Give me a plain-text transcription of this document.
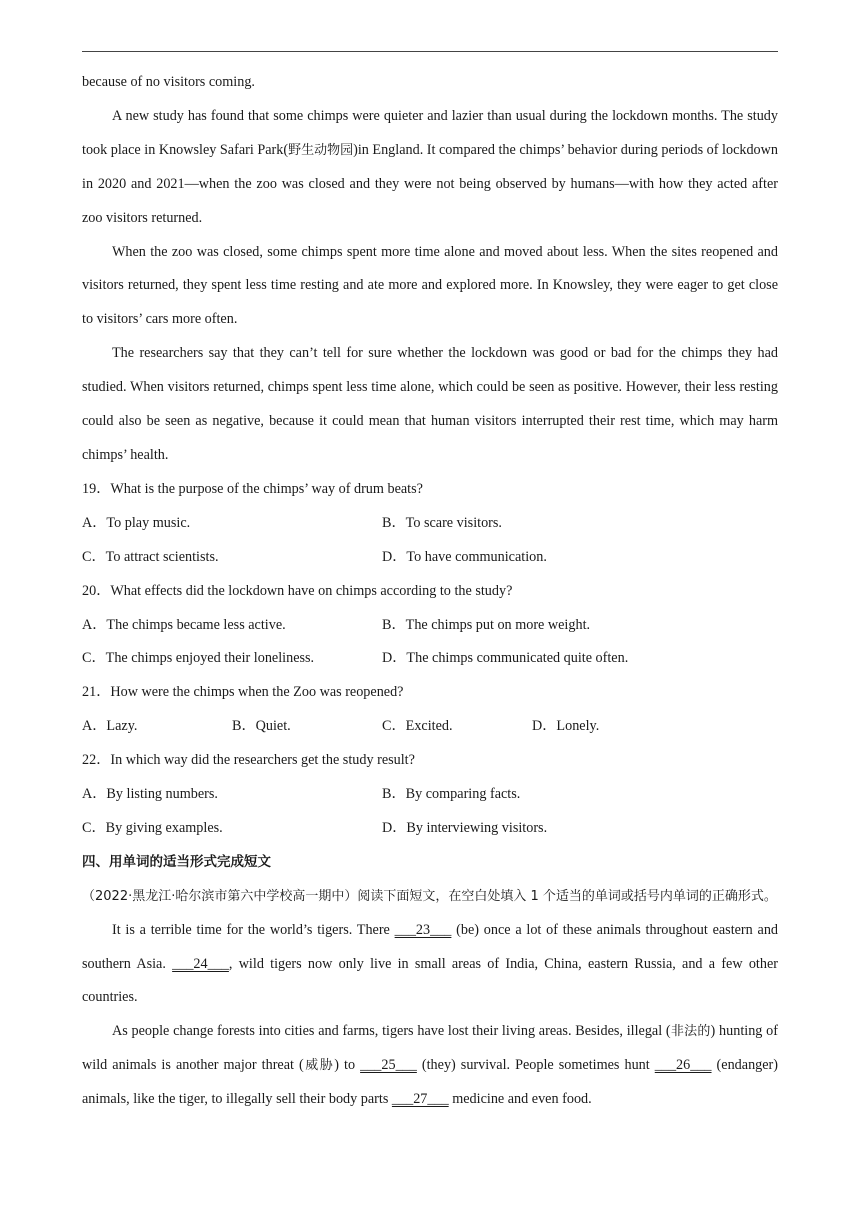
because of no visitors coming.

A new study has found that some chimps were quieter and lazier than usual during the lockdown months. The study took place in Knowsley Safari Park(野生动物园)in England. It compared the chimps’ behavior during periods of lockdown in 2020 and 2021—when the zoo was closed and they were not being observed by humans—with how they acted after zoo visitors returned.

When the zoo was closed, some chimps spent more time alone and moved about less. When the sites reopened and visitors returned, they spent less time resting and ate more and explored more. In Knowsley, they were eager to get close to visitors’ cars more often.

The researchers say that they can’t tell for sure whether the lockdown was good or bad for the chimps they had studied. When visitors returned, chimps spent less time alone, which could be seen as positive. However, their less resting could also be seen as negative, because it could mean that human visitors interrupted their rest time, which may harm chimps’ health.

19．What is the purpose of the chimps’ way of drum beats?

A．To play music.	B．To scare visitors.
C．To attract scientists.	D．To have communication.

20．What effects did the lockdown have on chimps according to the study?

A．The chimps became less active.	B．The chimps put on more weight.
C．The chimps enjoyed their loneliness.	D．The chimps communicated quite often.

21．How were the chimps when the Zoo was reopened?

A．Lazy.	B．Quiet.	C．Excited.	D．Lonely.

22．In which way did the researchers get the study result?

A．By listing numbers.	B．By comparing facts.
C．By giving examples.	D．By interviewing visitors.

四、用单词的适当形式完成短文

（2022·黑龙江·哈尔滨市第六中学校高一期中）阅读下面短文，在空白处填入 1 个适当的单词或括号内单词的正确形式。

It is a terrible time for the world’s tigers. There ___23___ (be) once a lot of these animals throughout eastern and southern Asia. ___24___, wild tigers now only live in small areas of India, China, eastern Russia, and a few other countries.

As people change forests into cities and farms, tigers have lost their living areas. Besides, illegal (非法的) hunting of wild animals is another major threat (威胁) to ___25___ (they) survival. People sometimes hunt ___26___ (endanger) animals, like the tiger, to illegally sell their body parts ___27___ medicine and even food.
